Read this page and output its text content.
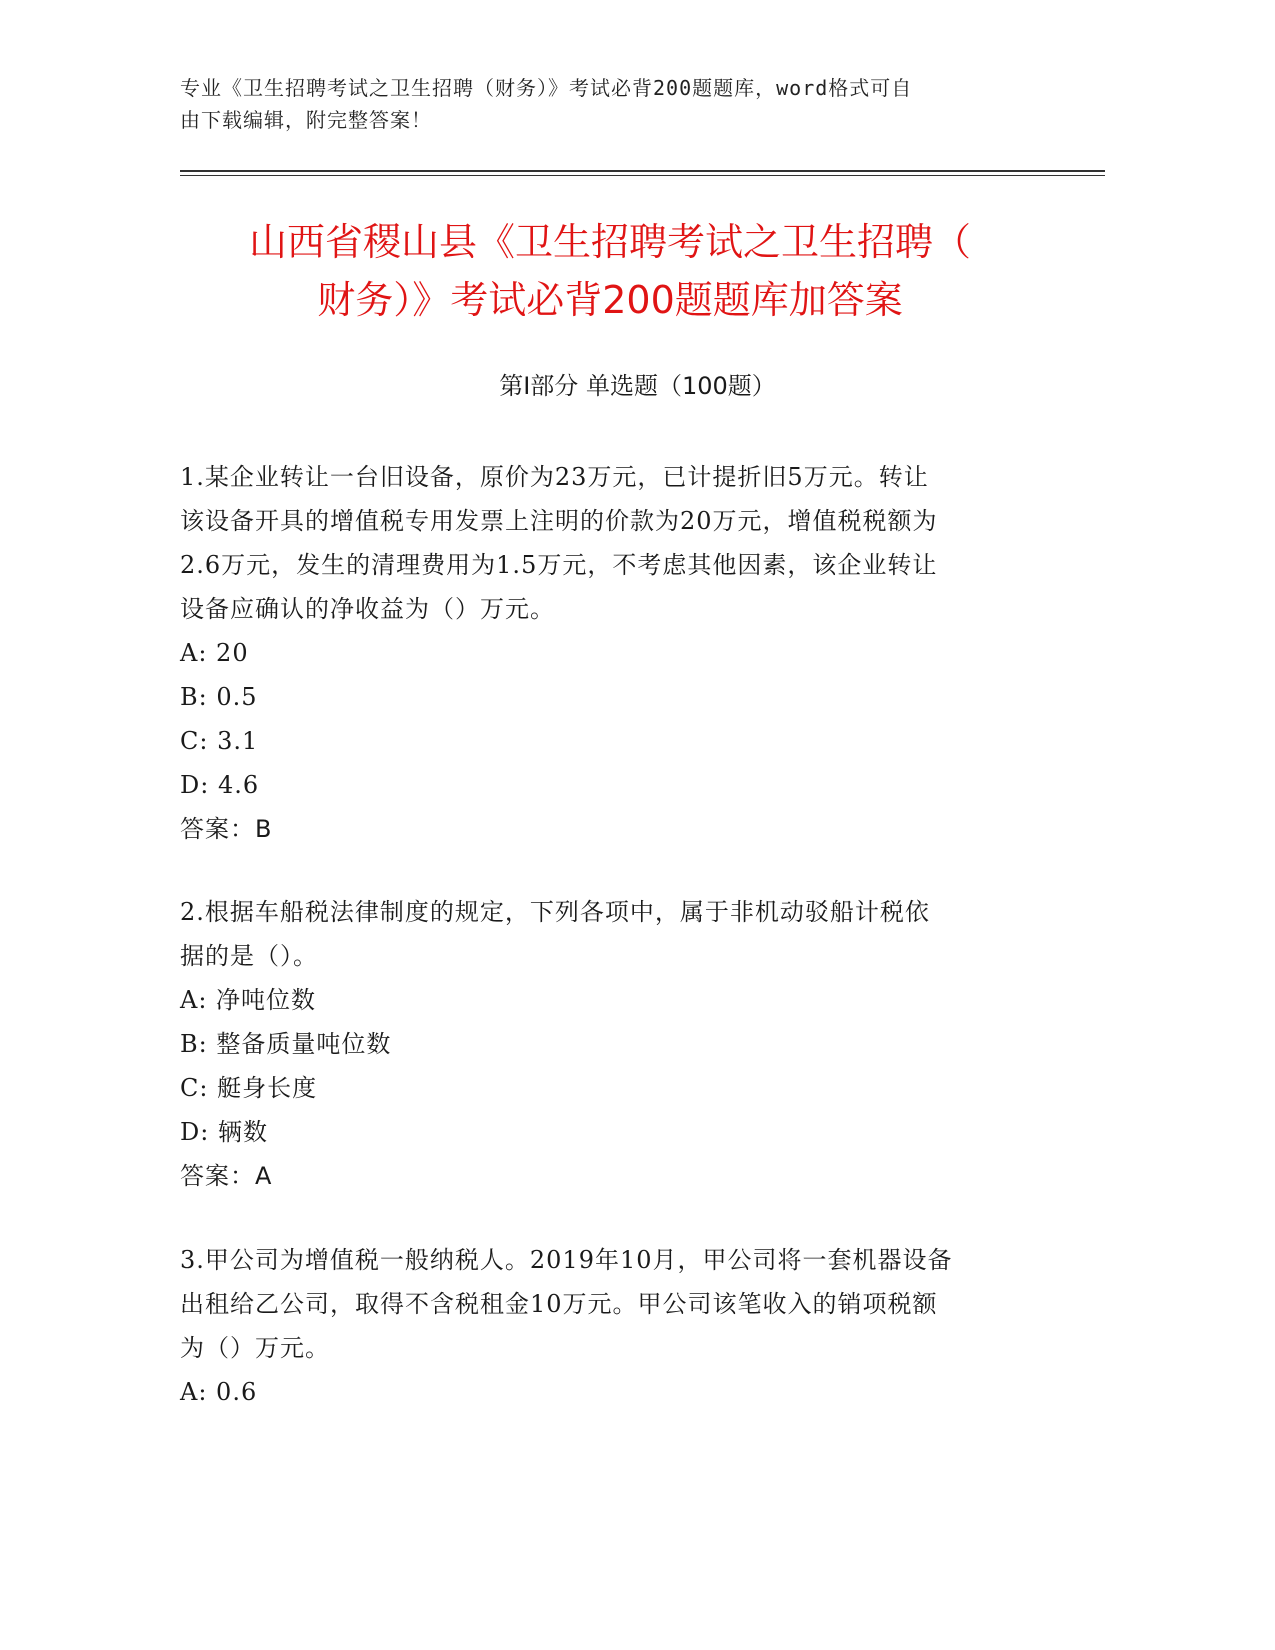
专业《卫生招聘考试之卫生招聘（财务）》考试必背200题题库，word格式可自
由下载编辑，附完整答案！
山西省稷山县《卫生招聘考试之卫生招聘（
财务）》考试必背200题题库加答案
第Ⅰ部分 单选题（100题）
1.某企业转让一台旧设备，原价为23万元，已计提折旧5万元。转让
该设备开具的增值税专用发票上注明的价款为20万元，增值税税额为
2.6万元，发生的清理费用为1.5万元，不考虑其他因素，该企业转让
设备应确认的净收益为（）万元。
A: 20
B: 0.5
C: 3.1
D: 4.6
答案：B
2.根据车船税法律制度的规定，下列各项中，属于非机动驳船计税依
据的是（）。
A: 净吨位数
B: 整备质量吨位数
C: 艇身长度
D: 辆数
答案：A
3.甲公司为增值税一般纳税人。2019年10月，甲公司将一套机器设备
出租给乙公司，取得不含税租金10万元。甲公司该笔收入的销项税额
为（）万元。
A: 0.6
